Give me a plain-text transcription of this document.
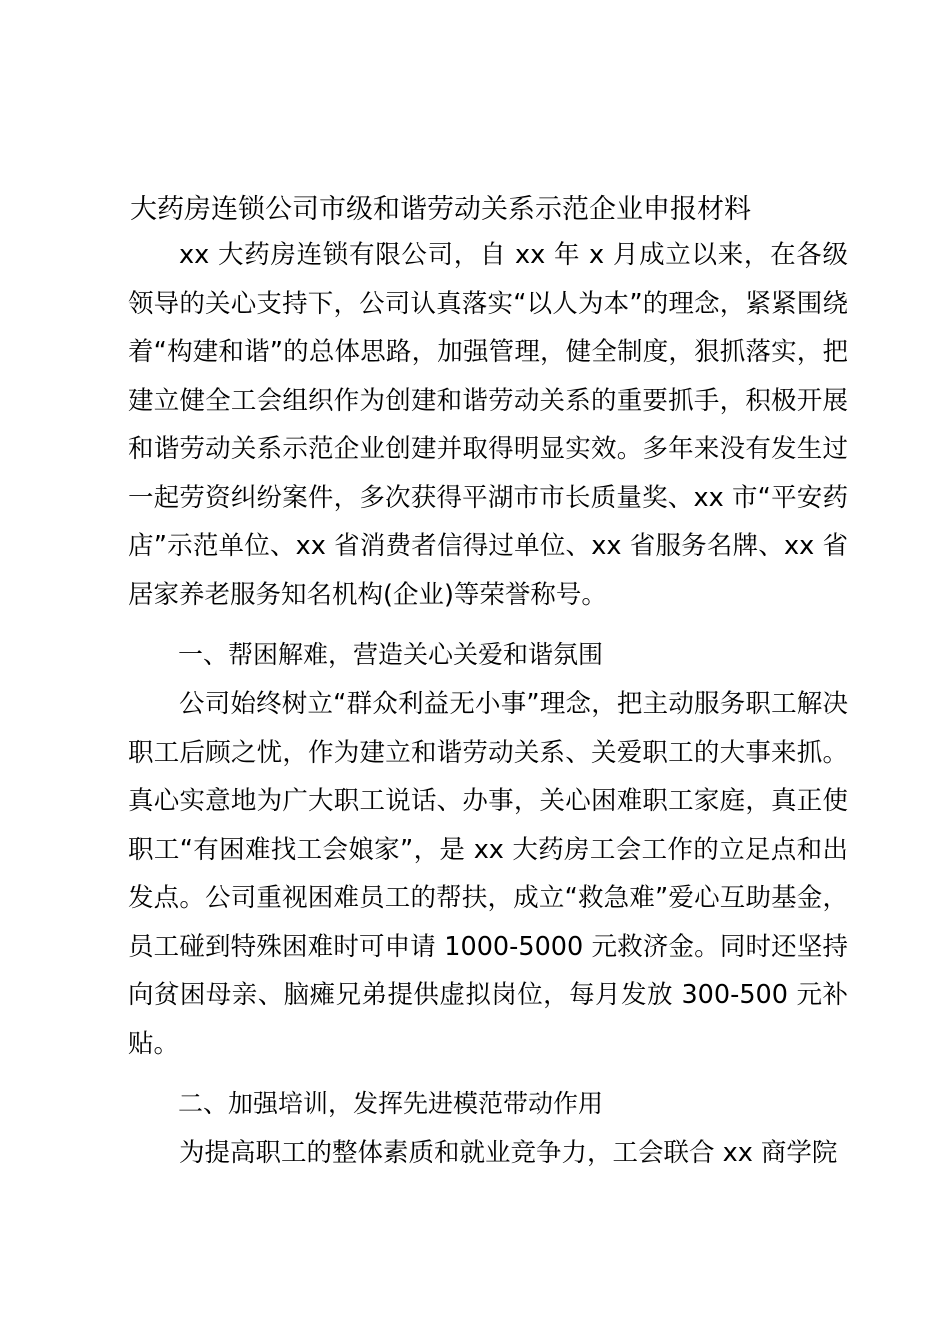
大药房连锁公司市级和谐劳动关系示范企业申报材料

xx 大药房连锁有限公司，自 xx 年 x 月成立以来，在各级领导的关心支持下，公司认真落实“以人为本”的理念，紧紧围绕着“构建和谐”的总体思路，加强管理，健全制度，狠抓落实，把建立健全工会组织作为创建和谐劳动关系的重要抓手，积极开展和谐劳动关系示范企业创建并取得明显实效。多年来没有发生过一起劳资纠纷案件，多次获得平湖市市长质量奖、xx 市“平安药店”示范单位、xx 省消费者信得过单位、xx 省服务名牌、xx 省居家养老服务知名机构(企业)等荣誉称号。

一、帮困解难，营造关心关爱和谐氛围

公司始终树立“群众利益无小事”理念，把主动服务职工解决职工后顾之忧，作为建立和谐劳动关系、关爱职工的大事来抓。真心实意地为广大职工说话、办事，关心困难职工家庭，真正使职工“有困难找工会娘家”，是 xx 大药房工会工作的立足点和出发点。公司重视困难员工的帮扶，成立“救急难”爱心互助基金，员工碰到特殊困难时可申请 1000-5000 元救济金。同时还坚持向贫困母亲、脑瘫兄弟提供虚拟岗位，每月发放 300-500 元补贴。

二、加强培训，发挥先进模范带动作用

为提高职工的整体素质和就业竞争力，工会联合 xx 商学院
